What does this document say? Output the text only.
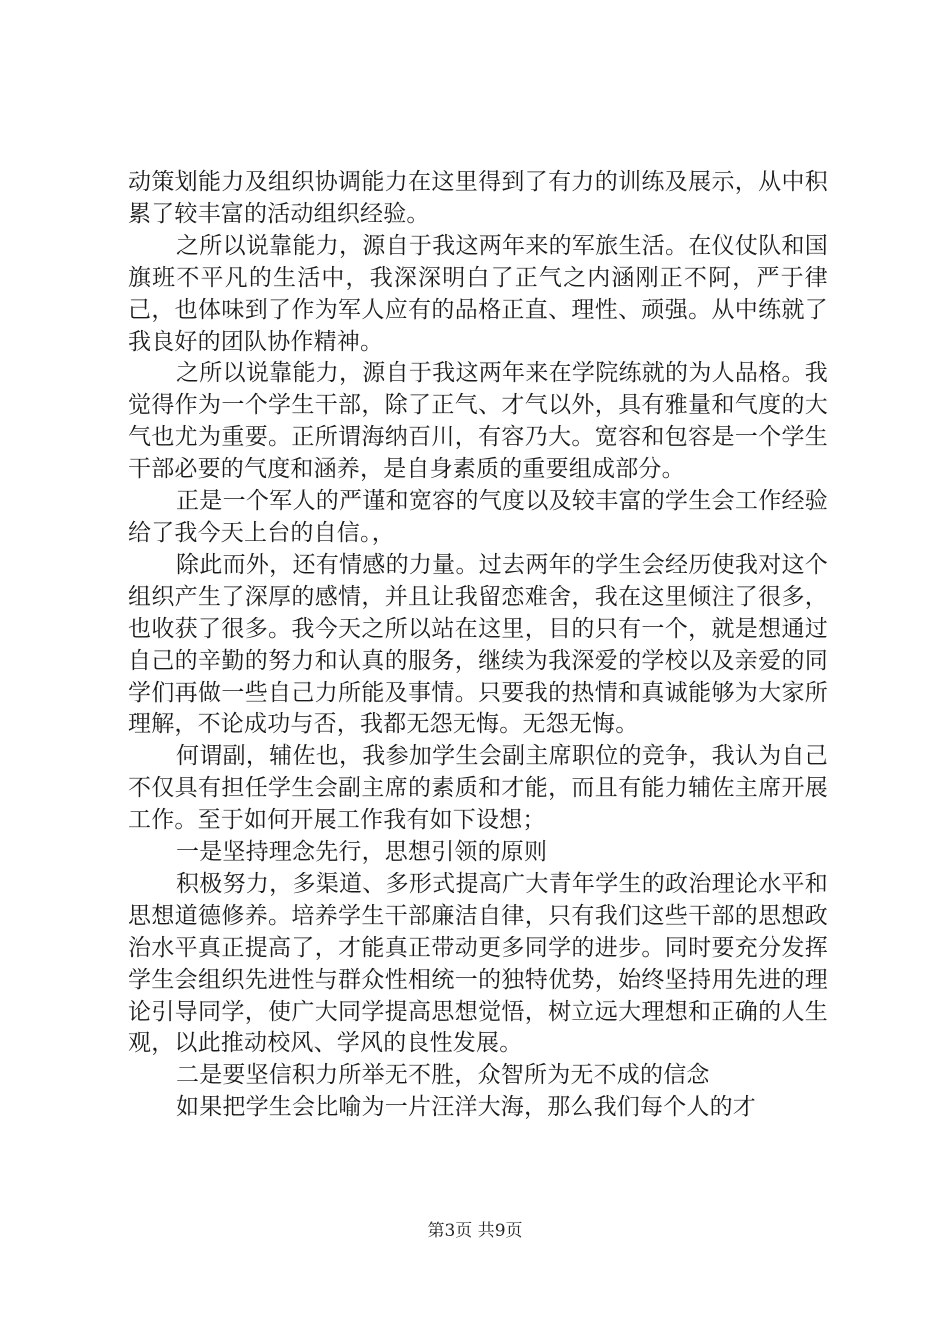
动策划能力及组织协调能力在这里得到了有力的训练及展示，从中积累了较丰富的活动组织经验。

之所以说靠能力，源自于我这两年来的军旅生活。在仪仗队和国旗班不平凡的生活中，我深深明白了正气之内涵刚正不阿，严于律己，也体味到了作为军人应有的品格正直、理性、顽强。从中练就了我良好的团队协作精神。

之所以说靠能力，源自于我这两年来在学院练就的为人品格。我觉得作为一个学生干部，除了正气、才气以外，具有雅量和气度的大气也尤为重要。正所谓海纳百川，有容乃大。宽容和包容是一个学生干部必要的气度和涵养，是自身素质的重要组成部分。

正是一个军人的严谨和宽容的气度以及较丰富的学生会工作经验给了我今天上台的自信。，

除此而外，还有情感的力量。过去两年的学生会经历使我对这个组织产生了深厚的感情，并且让我留恋难舍，我在这里倾注了很多，也收获了很多。我今天之所以站在这里，目的只有一个，就是想通过自己的辛勤的努力和认真的服务，继续为我深爱的学校以及亲爱的同学们再做一些自己力所能及事情。只要我的热情和真诚能够为大家所理解，不论成功与否，我都无怨无悔。无怨无悔。

何谓副，辅佐也，我参加学生会副主席职位的竞争，我认为自己不仅具有担任学生会副主席的素质和才能，而且有能力辅佐主席开展工作。至于如何开展工作我有如下设想；

一是坚持理念先行，思想引领的原则

积极努力，多渠道、多形式提高广大青年学生的政治理论水平和思想道德修养。培养学生干部廉洁自律，只有我们这些干部的思想政治水平真正提高了，才能真正带动更多同学的进步。同时要充分发挥学生会组织先进性与群众性相统一的独特优势，始终坚持用先进的理论引导同学，使广大同学提高思想觉悟，树立远大理想和正确的人生观，以此推动校风、学风的良性发展。

二是要坚信积力所举无不胜，众智所为无不成的信念

如果把学生会比喻为一片汪洋大海，那么我们每个人的才

第3页 共9页
